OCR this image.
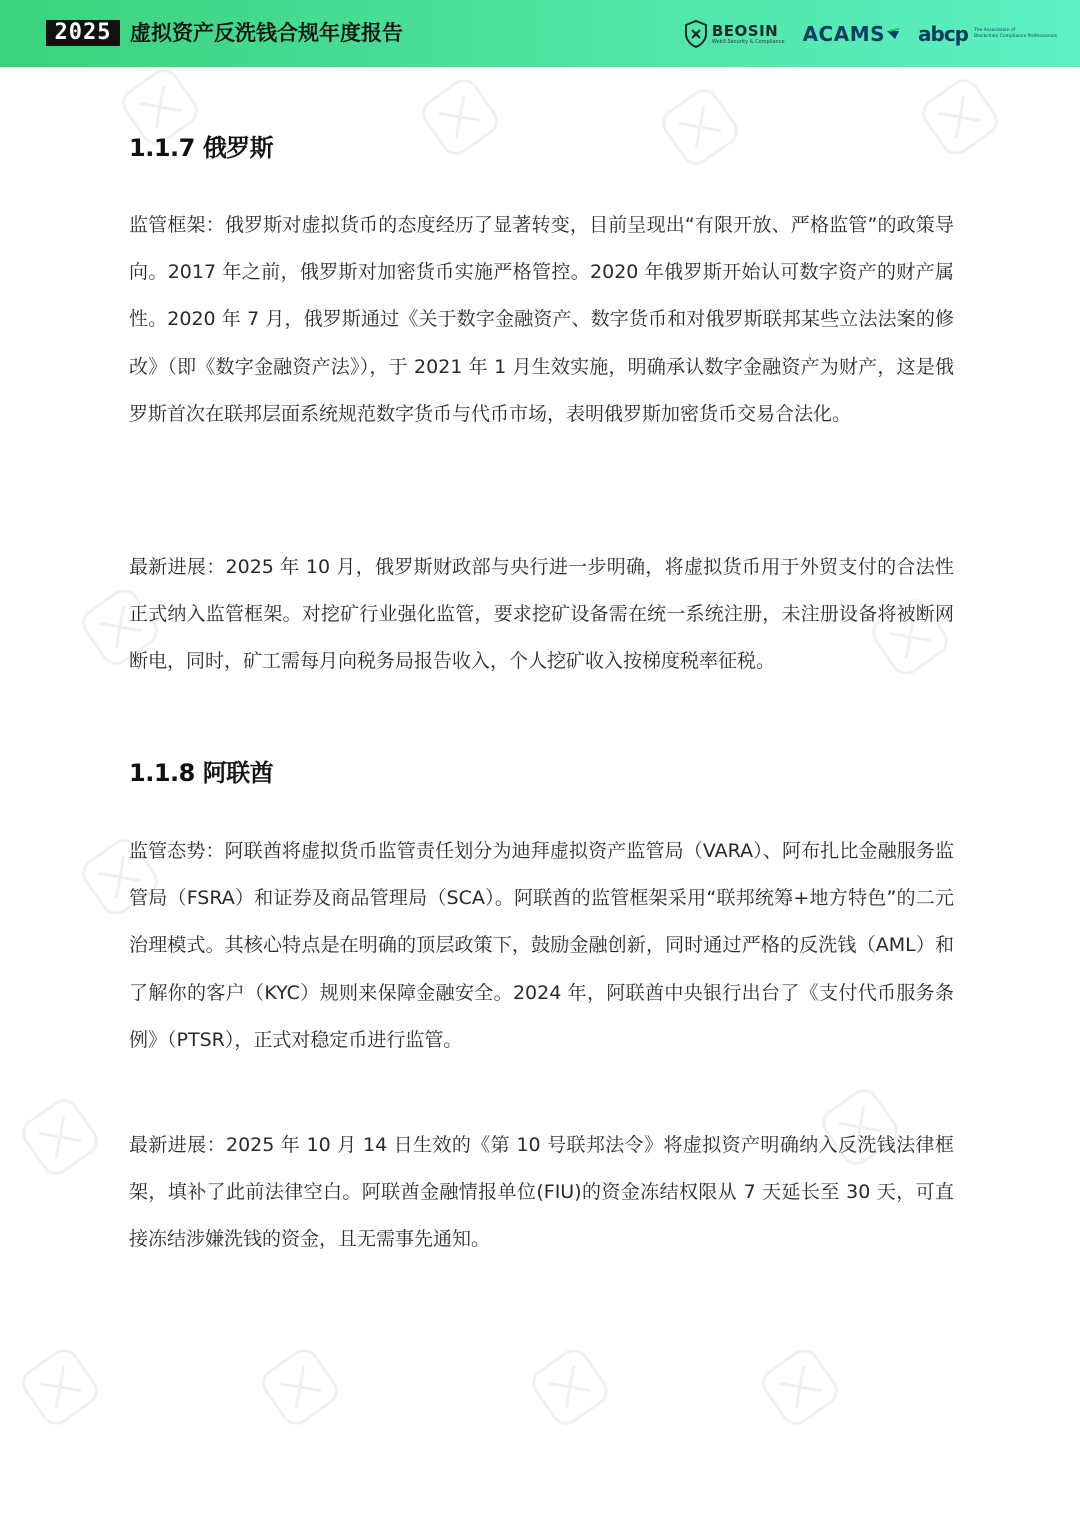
2025 虚拟资产反洗钱合规年度报告	BEOSIN
Web3 Security & Compliance ACAMS abcp The Association of
Blockchain Compliance Professionals
1.1.7 俄罗斯

监管框架：俄罗斯对虚拟货币的态度经历了显著转变，目前呈现出“有限开放、严格监管”的政策导向。2017 年之前，俄罗斯对加密货币实施严格管控。2020 年俄罗斯开始认可数字资产的财产属性。2020 年 7 月，俄罗斯通过《关于数字金融资产、数字货币和对俄罗斯联邦某些立法法案的修改》（即《数字金融资产法》），于 2021 年 1 月生效实施，明确承认数字金融资产为财产，这是俄罗斯首次在联邦层面系统规范数字货币与代币市场，表明俄罗斯加密货币交易合法化。

最新进展：2025 年 10 月，俄罗斯财政部与央行进一步明确，将虚拟货币用于外贸支付的合法性正式纳入监管框架。对挖矿行业强化监管，要求挖矿设备需在统一系统注册，未注册设备将被断网断电，同时，矿工需每月向税务局报告收入，个人挖矿收入按梯度税率征税。

1.1.8 阿联酋

监管态势：阿联酋将虚拟货币监管责任划分为迪拜虚拟资产监管局（VARA）、阿布扎比金融服务监管局（FSRA）和证券及商品管理局（SCA）。阿联酋的监管框架采用“联邦统筹+地方特色”的二元治理模式。其核心特点是在明确的顶层政策下，鼓励金融创新，同时通过严格的反洗钱（AML）和了解你的客户（KYC）规则来保障金融安全。2024 年，阿联酋中央银行出台了《支付代币服务条例》（PTSR），正式对稳定币进行监管。

最新进展：2025 年 10 月 14 日生效的《第 10 号联邦法令》将虚拟资产明确纳入反洗钱法律框架，填补了此前法律空白。阿联酋金融情报单位(FIU)的资金冻结权限从 7 天延长至 30 天，可直接冻结涉嫌洗钱的资金，且无需事先通知。
